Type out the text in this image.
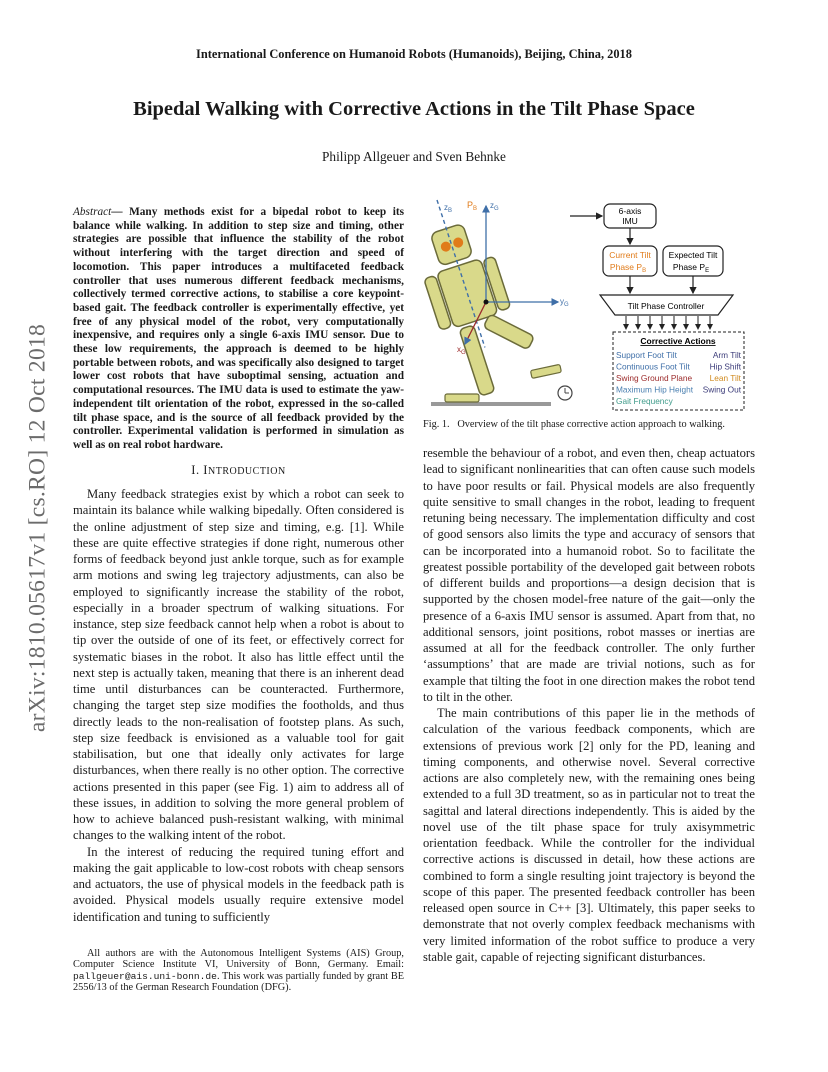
International Conference on Humanoid Robots (Humanoids), Beijing, China, 2018
Bipedal Walking with Corrective Actions in the Tilt Phase Space
Philipp Allgeuer and Sven Behnke
arXiv:1810.05617v1 [cs.RO] 12 Oct 2018
Abstract— Many methods exist for a bipedal robot to keep its balance while walking. In addition to step size and timing, other strategies are possible that influence the stability of the robot without interfering with the target direction and speed of locomotion. This paper introduces a multifaceted feedback controller that uses numerous different feedback mechanisms, collectively termed corrective actions, to stabilise a core keypoint-based gait. The feedback controller is experimentally effective, yet free of any physical model of the robot, very computationally inexpensive, and requires only a single 6-axis IMU sensor. Due to these low requirements, the approach is deemed to be highly portable between robots, and was specifically also designed to target lower cost robots that have suboptimal sensing, actuation and computational resources. The IMU data is used to estimate the yaw-independent tilt orientation of the robot, expressed in the so-called tilt phase space, and is the source of all feedback provided by the controller. Experimental validation is performed in simulation as well as on real robot hardware.
I. INTRODUCTION

Many feedback strategies exist by which a robot can seek to maintain its balance while walking bipedally. Often considered is the online adjustment of step size and timing, e.g. [1]. While these are quite effective strategies if done right, numerous other forms of feedback beyond just ankle torque, such as for example arm motions and swing leg trajectory adjustments, can also be employed to significantly increase the stability of the robot, especially in a broader spectrum of walking situations. For instance, step size feedback cannot help when a robot is about to tip over the outside of one of its feet, or effectively correct for systematic biases in the robot. It also has little effect until the next step is actually taken, meaning that there is an inherent dead time until disturbances can be counteracted. Furthermore, changing the target step size modifies the footholds, and thus directly leads to the non-realisation of footstep plans. As such, step size feedback is envisioned as a valuable tool for gait stabilisation, but one that ideally only activates for large disturbances, when there really is no other option. The corrective actions presented in this paper (see Fig. 1) aim to address all of these issues, in addition to solving the more general problem of how to achieve balanced push-resistant walking, with minimal changes to the walking intent of the robot.

In the interest of reducing the required tuning effort and making the gait applicable to low-cost robots with cheap sensors and actuators, the use of physical models in the feedback path is avoided. Physical models usually require extensive model identification and tuning to sufficiently

All authors are with the Autonomous Intelligent Systems (AIS) Group, Computer Science Institute VI, University of Bonn, Germany. Email: pallgeuer@ais.uni-bonn.de. This work was partially funded by grant BE 2556/13 of the German Research Foundation (DFG).
$z_B$
$P_B$ $z_G$
$y_G$
$x_G$
6-axis
IMU
Current Tilt
Phase $P_B$
Expected Tilt
Phase $P_E$
Tilt Phase Controller
Corrective Actions
Support Foot Tilt
Continuous Foot Tilt
Swing Ground Plane
Maximum Hip Height
Gait Frequency
Arm Tilt
Hip Shift
Lean Tilt
Swing Out
Fig. 1. Overview of the tilt phase corrective action approach to walking.

resemble the behaviour of a robot, and even then, cheap actuators lead to significant nonlinearities that can often cause such models to have poor results or fail. Physical models are also frequently quite sensitive to small changes in the robot, leading to frequent retuning being necessary. The implementation difficulty and cost of good sensors also limits the type and accuracy of sensors that can be incorporated into a humanoid robot. So to facilitate the greatest possible portability of the developed gait between robots of different builds and proportions—a design decision that is supported by the chosen model-free nature of the gait—only the presence of a 6-axis IMU sensor is assumed. Apart from that, no additional sensors, joint positions, robot masses or inertias are assumed at all for the feedback controller. The only further ‘assumptions’ that are made are trivial notions, such as for example that tilting the foot in one direction makes the robot tend to tilt in the other.

The main contributions of this paper lie in the methods of calculation of the various feedback components, which are extensions of previous work [2] only for the PD, leaning and timing components, and otherwise novel. Several corrective actions are also completely new, with the remaining ones being extended to a full 3D treatment, so as in particular not to treat the sagittal and lateral directions independently. This is aided by the novel use of the tilt phase space for truly axisymmetric orientation feedback. While the controller for the individual corrective actions is discussed in detail, how these actions are combined to form a single resulting joint trajectory is beyond the scope of this paper. The presented feedback controller has been released open source in C++ [3]. Ultimately, this paper seeks to demonstrate that not overly complex feedback mechanisms with very limited information of the robot suffice to produce a very stable gait, capable of rejecting significant disturbances.
